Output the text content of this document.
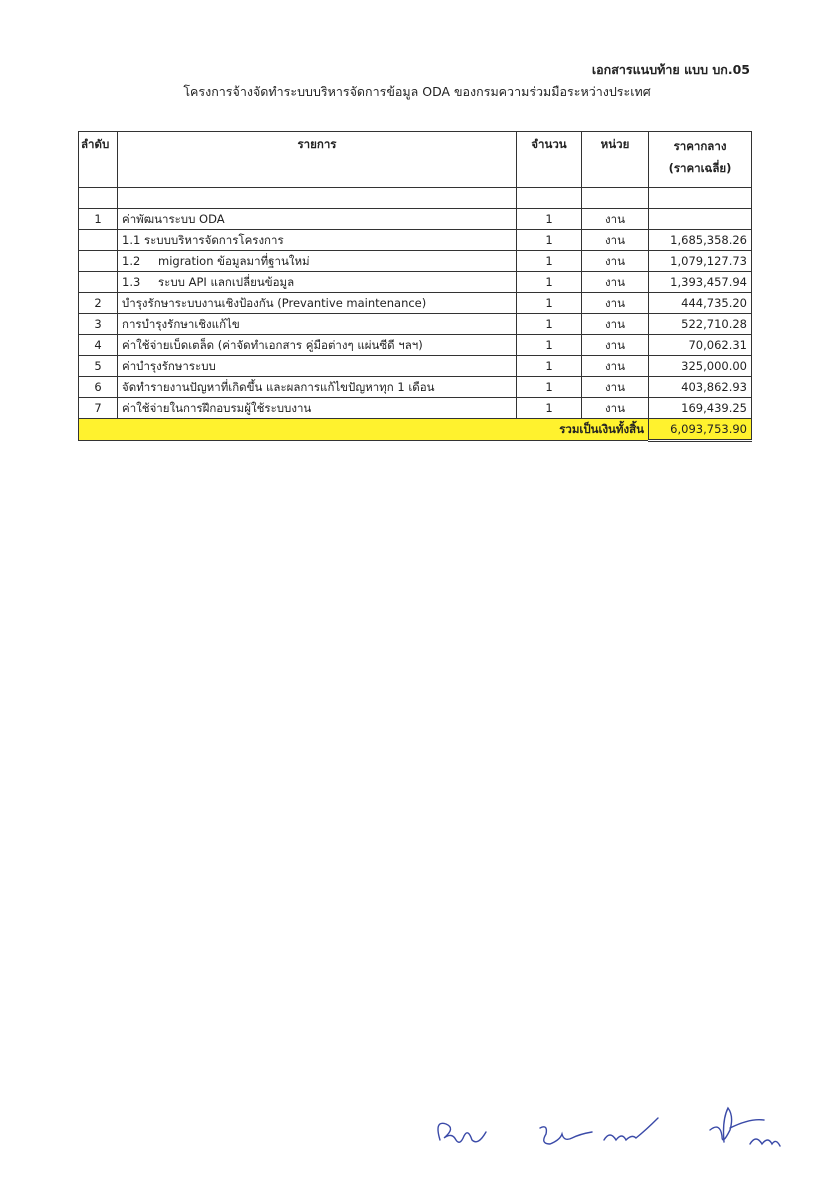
เอกสารแนบท้าย แบบ บก.05
โครงการจ้างจัดทำระบบบริหารจัดการข้อมูล ODA ของกรมความร่วมมือระหว่างประเทศ
ลำดับ	รายการ	จำนวน	หน่วย	ราคากลาง
(ราคาเฉลี่ย)

1	ค่าพัฒนาระบบ ODA	1	งาน	
	1.1 ระบบบริหารจัดการโครงการ	1	งาน	1,685,358.26
	1.2 migration ข้อมูลมาที่ฐานใหม่	1	งาน	1,079,127.73
	1.3 ระบบ API แลกเปลี่ยนข้อมูล	1	งาน	1,393,457.94
2	บำรุงรักษาระบบงานเชิงป้องกัน (Prevantive maintenance)	1	งาน	444,735.20
3	การบำรุงรักษาเชิงแก้ไข	1	งาน	522,710.28
4	ค่าใช้จ่ายเบ็ดเตล็ด (ค่าจัดทำเอกสาร คู่มือต่างๆ แผ่นซีดี ฯลฯ)	1	งาน	70,062.31
5	ค่าบำรุงรักษาระบบ	1	งาน	325,000.00
6	จัดทำรายงานปัญหาที่เกิดขึ้น และผลการแก้ไขปัญหาทุก 1 เดือน	1	งาน	403,862.93
7	ค่าใช้จ่ายในการฝึกอบรมผู้ใช้ระบบงาน	1	งาน	169,439.25
รวมเป็นเงินทั้งสิ้น				6,093,753.90
